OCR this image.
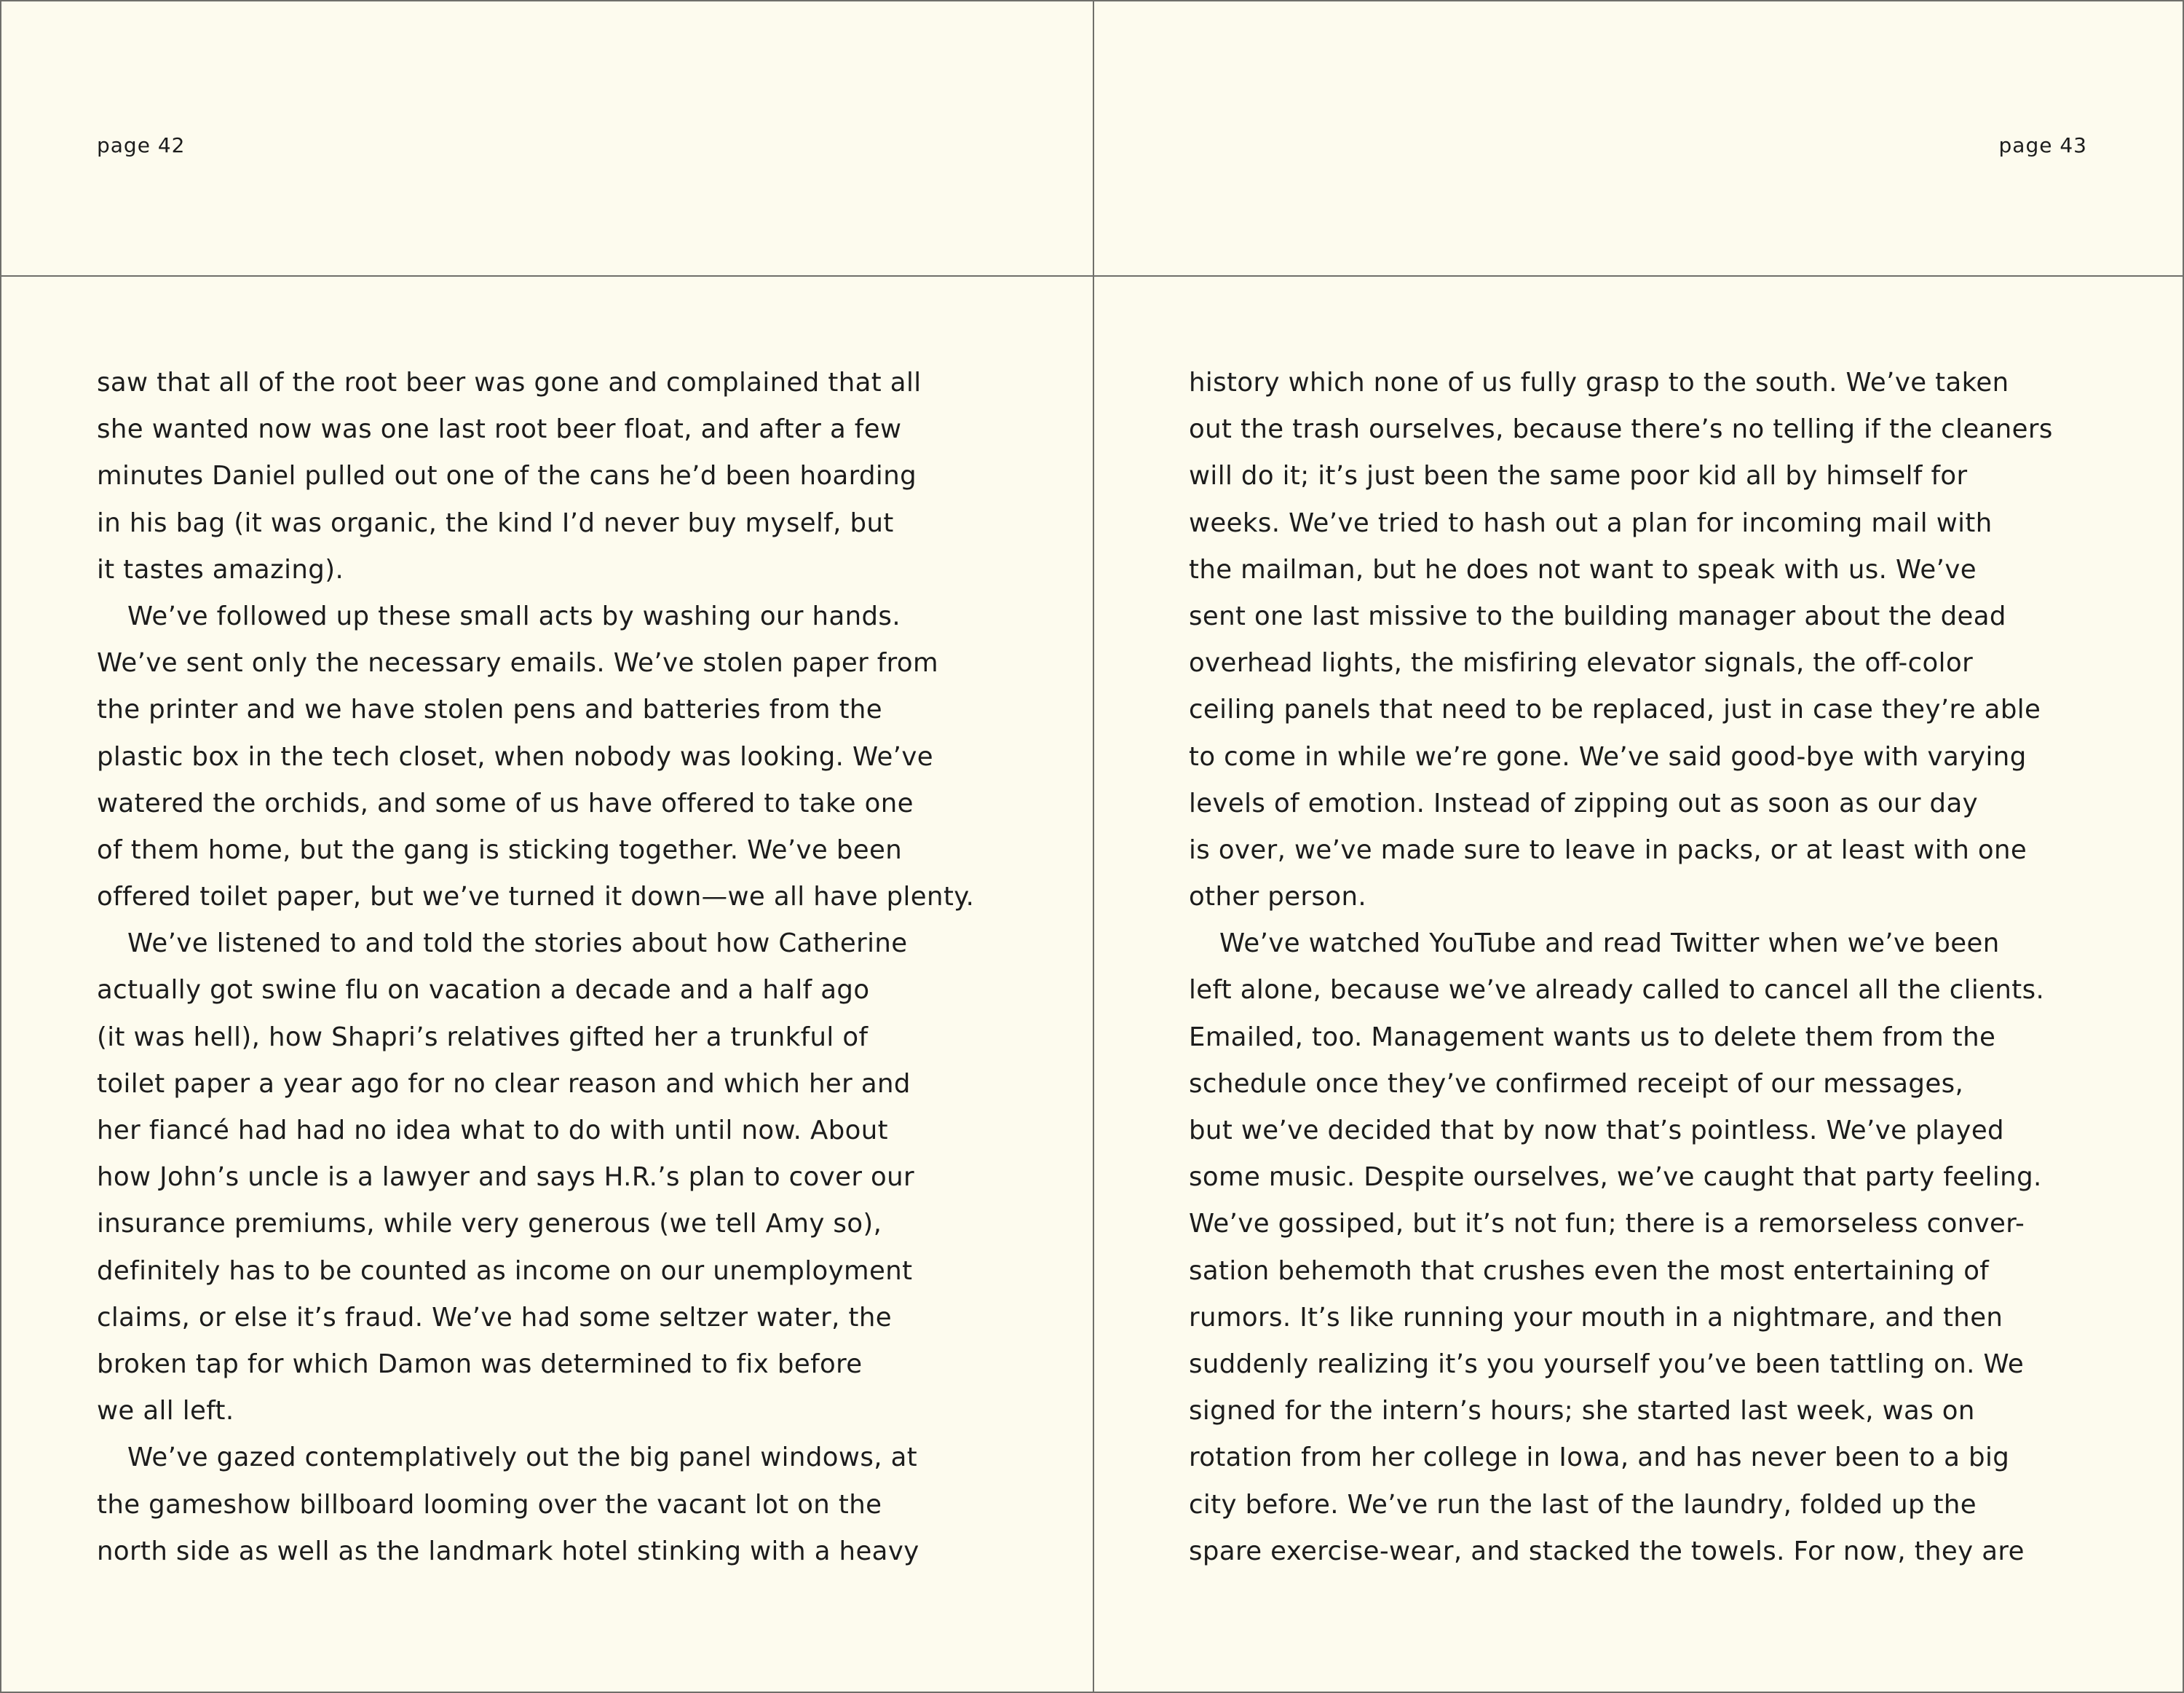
page 42	page 43
saw that all of the root beer was gone and complained that all
she wanted now was one last root beer float, and after a few
minutes Daniel pulled out one of the cans he’d been hoarding
in his bag (it was organic, the kind I’d never buy myself, but
it tastes amazing).
We’ve followed up these small acts by washing our hands.
We’ve sent only the necessary emails. We’ve stolen paper from
the printer and we have stolen pens and batteries from the
plastic box in the tech closet, when nobody was looking. We’ve
watered the orchids, and some of us have offered to take one
of them home, but the gang is sticking together. We’ve been
offered toilet paper, but we’ve turned it down—we all have plenty.
We’ve listened to and told the stories about how Catherine
actually got swine flu on vacation a decade and a half ago
(it was hell), how Shapri’s relatives gifted her a trunkful of
toilet paper a year ago for no clear reason and which her and
her fiancé had had no idea what to do with until now. About
how John’s uncle is a lawyer and says H.R.’s plan to cover our
insurance premiums, while very generous (we tell Amy so),
definitely has to be counted as income on our unemployment
claims, or else it’s fraud. We’ve had some seltzer water, the
broken tap for which Damon was determined to fix before
we all left.
We’ve gazed contemplatively out the big panel windows, at
the gameshow billboard looming over the vacant lot on the
north side as well as the landmark hotel stinking with a heavy
history which none of us fully grasp to the south. We’ve taken
out the trash ourselves, because there’s no telling if the cleaners
will do it; it’s just been the same poor kid all by himself for
weeks. We’ve tried to hash out a plan for incoming mail with
the mailman, but he does not want to speak with us. We’ve
sent one last missive to the building manager about the dead
overhead lights, the misfiring elevator signals, the off-color
ceiling panels that need to be replaced, just in case they’re able
to come in while we’re gone. We’ve said good-bye with varying
levels of emotion. Instead of zipping out as soon as our day
is over, we’ve made sure to leave in packs, or at least with one
other person.
We’ve watched YouTube and read Twitter when we’ve been
left alone, because we’ve already called to cancel all the clients.
Emailed, too. Management wants us to delete them from the
schedule once they’ve confirmed receipt of our messages,
but we’ve decided that by now that’s pointless. We’ve played
some music. Despite ourselves, we’ve caught that party feeling.
We’ve gossiped, but it’s not fun; there is a remorseless conver-
sation behemoth that crushes even the most entertaining of
rumors. It’s like running your mouth in a nightmare, and then
suddenly realizing it’s you yourself you’ve been tattling on. We
signed for the intern’s hours; she started last week, was on
rotation from her college in Iowa, and has never been to a big
city before. We’ve run the last of the laundry, folded up the
spare exercise-wear, and stacked the towels. For now, they are
